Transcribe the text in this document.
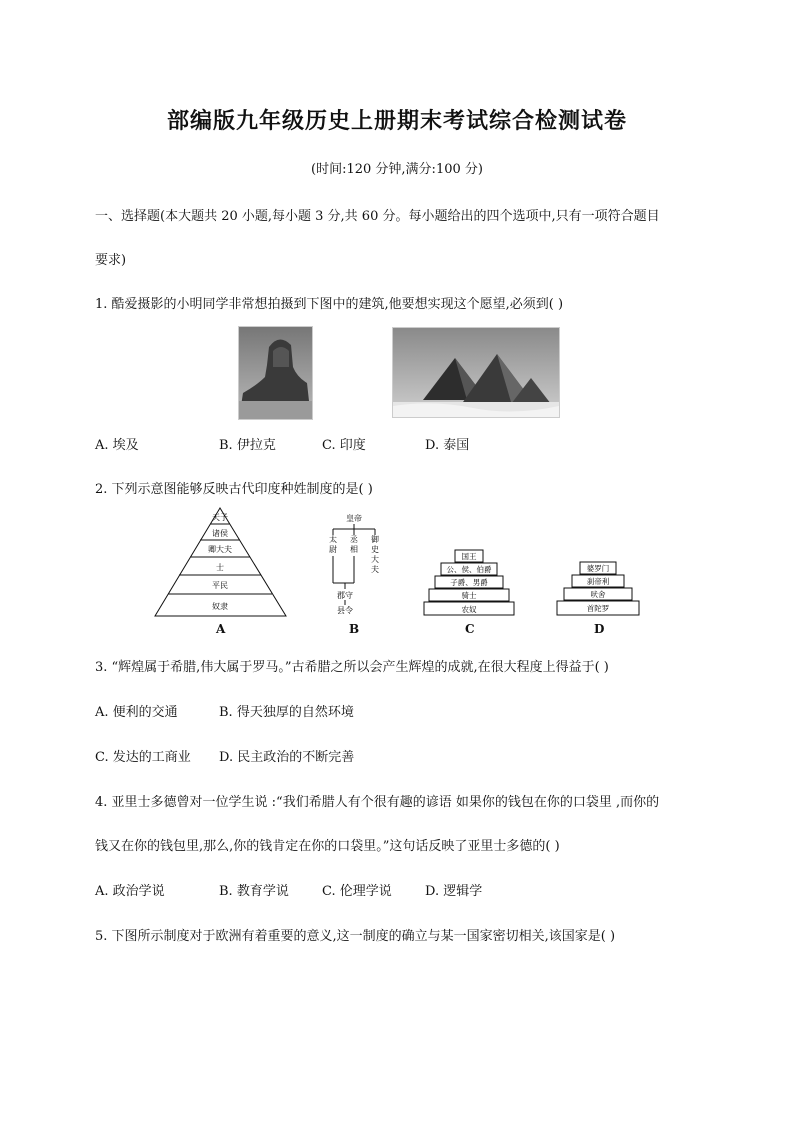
部编版九年级历史上册期末考试综合检测试卷
(时间:120 分钟,满分:100 分)
一、选择题(本大题共 20 小题,每小题 3 分,共 60 分。每小题给出的四个选项中,只有一项符合题目
要求)
1. 酷爱摄影的小明同学非常想拍摄到下图中的建筑,他要想实现这个愿望,必须到( )
A. 埃及	B. 伊拉克	C. 印度	D. 泰国
2. 下列示意图能够反映古代印度种姓制度的是( )
天子
诸侯
卿大夫
士
平民
奴隶
A
皇帝
太尉
丞相
御史大夫
郡守
县令
B
国王
公、侯、伯爵
子爵、男爵
骑士
农奴
C
婆罗门
刹帝利
吠舍
首陀罗
D
3. “辉煌属于希腊,伟大属于罗马。”古希腊之所以会产生辉煌的成就,在很大程度上得益于( )
A. 便利的交通	B. 得天独厚的自然环境
C. 发达的工商业 D. 民主政治的不断完善
4. 亚里士多德曾对一位学生说 :“我们希腊人有个很有趣的谚语 如果你的钱包在你的口袋里 ,而你的
钱又在你的钱包里,那么,你的钱肯定在你的口袋里。”这句话反映了亚里士多德的( )
A. 政治学说	B. 教育学说	C. 伦理学说	D. 逻辑学
5. 下图所示制度对于欧洲有着重要的意义,这一制度的确立与某一国家密切相关,该国家是( )
